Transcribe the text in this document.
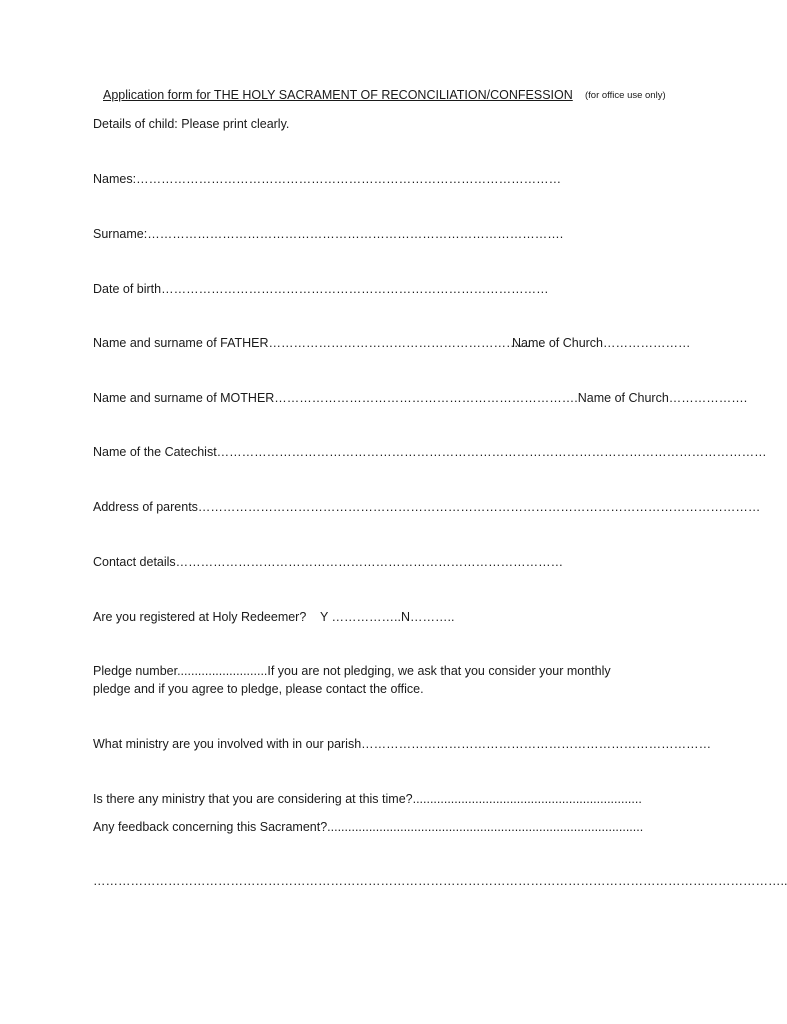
Application form for THE HOLY SACRAMENT OF RECONCILIATION/CONFESSION (for office use only)
Details of child: Please print clearly.
Names:…………………………………………………………………………………………
Surname:……………………………………………………………………………………….
Date of birth…………………………………………………………………………………
Name and surname of FATHER…………………………………………………………
Name of Church…………………
Name and surname of MOTHER……………………………………………………………….Name of Church……………….
Name of the Catechist……………………………………………………………………………………………………………………
Address of parents………………………………………………………………………………………………………………………
Contact details…………………………………………………………………………………
Are you registered at Holy Redeemer?    Y ……………..N………..
Pledge number..........................If you are not pledging, we ask that you consider your monthly
pledge and if you agree to pledge, please contact the office.
What ministry are you involved with in our parish…………………………………………………………………………
Is there any ministry that you are considering at this time?..................................................................
Any feedback concerning this Sacrament?...........................................................................................
…………………………………………………………………………………………………………………………………………………..
